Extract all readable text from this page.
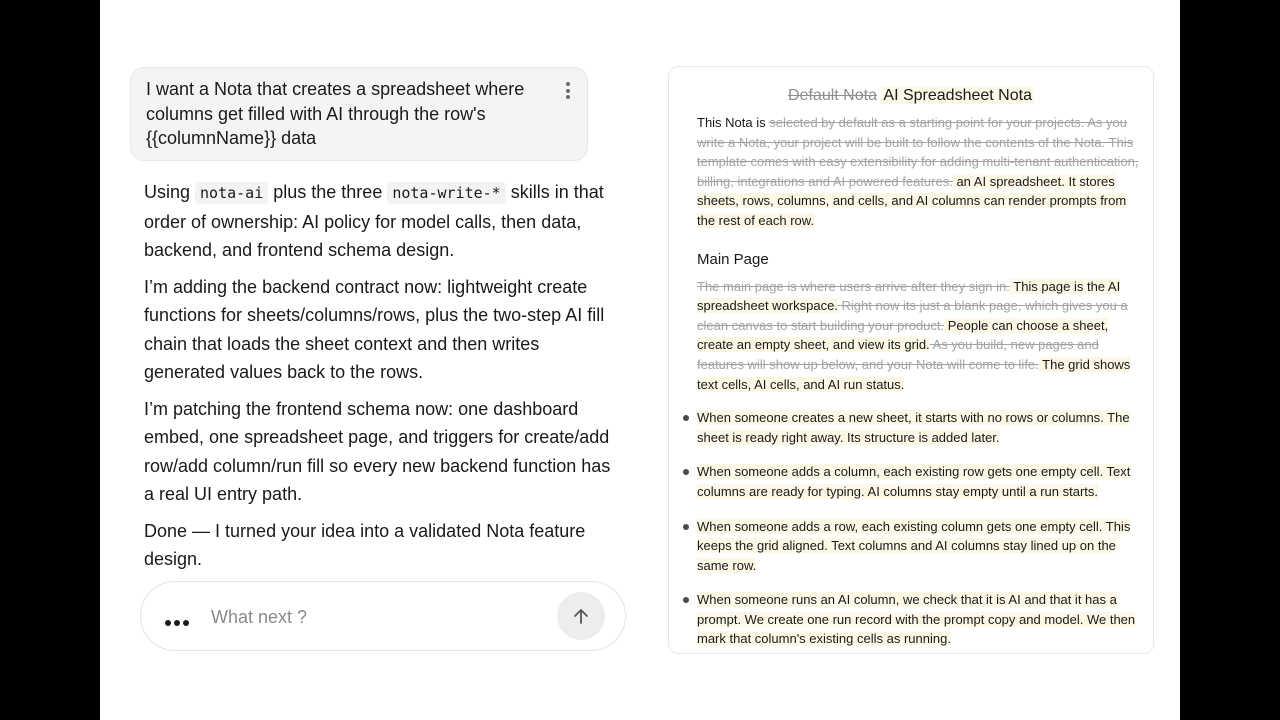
I want a Nota that creates a spreadsheet where columns get filled with AI through the row's {{columnName}} data

Using nota-ai plus the three nota-write-* skills in that order of ownership: AI policy for model calls, then data, backend, and frontend schema design.

I’m adding the backend contract now: lightweight create functions for sheets/columns/rows, plus the two-step AI fill chain that loads the sheet context and then writes generated values back to the rows.

I’m patching the frontend schema now: one dashboard embed, one spreadsheet page, and triggers for create/add row/add column/run fill so every new backend function has a real UI entry path.

Done — I turned your idea into a validated Nota feature design.

What next ?
Default Nota AI Spreadsheet Nota

This Nota is selected by default as a starting point for your projects. As you write a Nota, your project will be built to follow the contents of the Nota. This template comes with easy extensibility for adding multi-tenant authentication, billing, integrations and AI powered features. an AI spreadsheet. It stores sheets, rows, columns, and cells, and AI columns can render prompts from the rest of each row.

Main Page

The main page is where users arrive after they sign in. This page is the AI spreadsheet workspace. Right now its just a blank page, which gives you a clean canvas to start building your product. People can choose a sheet, create an empty sheet, and view its grid. As you build, new pages and features will show up below, and your Nota will come to life. The grid shows text cells, AI cells, and AI run status.

When someone creates a new sheet, it starts with no rows or columns. The sheet is ready right away. Its structure is added later.
When someone adds a column, each existing row gets one empty cell. Text columns are ready for typing. AI columns stay empty until a run starts.
When someone adds a row, each existing column gets one empty cell. This keeps the grid aligned. Text columns and AI columns stay lined up on the same row.
When someone runs an AI column, we check that it is AI and that it has a prompt. We create one run record with the prompt copy and model. We then mark that column's existing cells as running.
